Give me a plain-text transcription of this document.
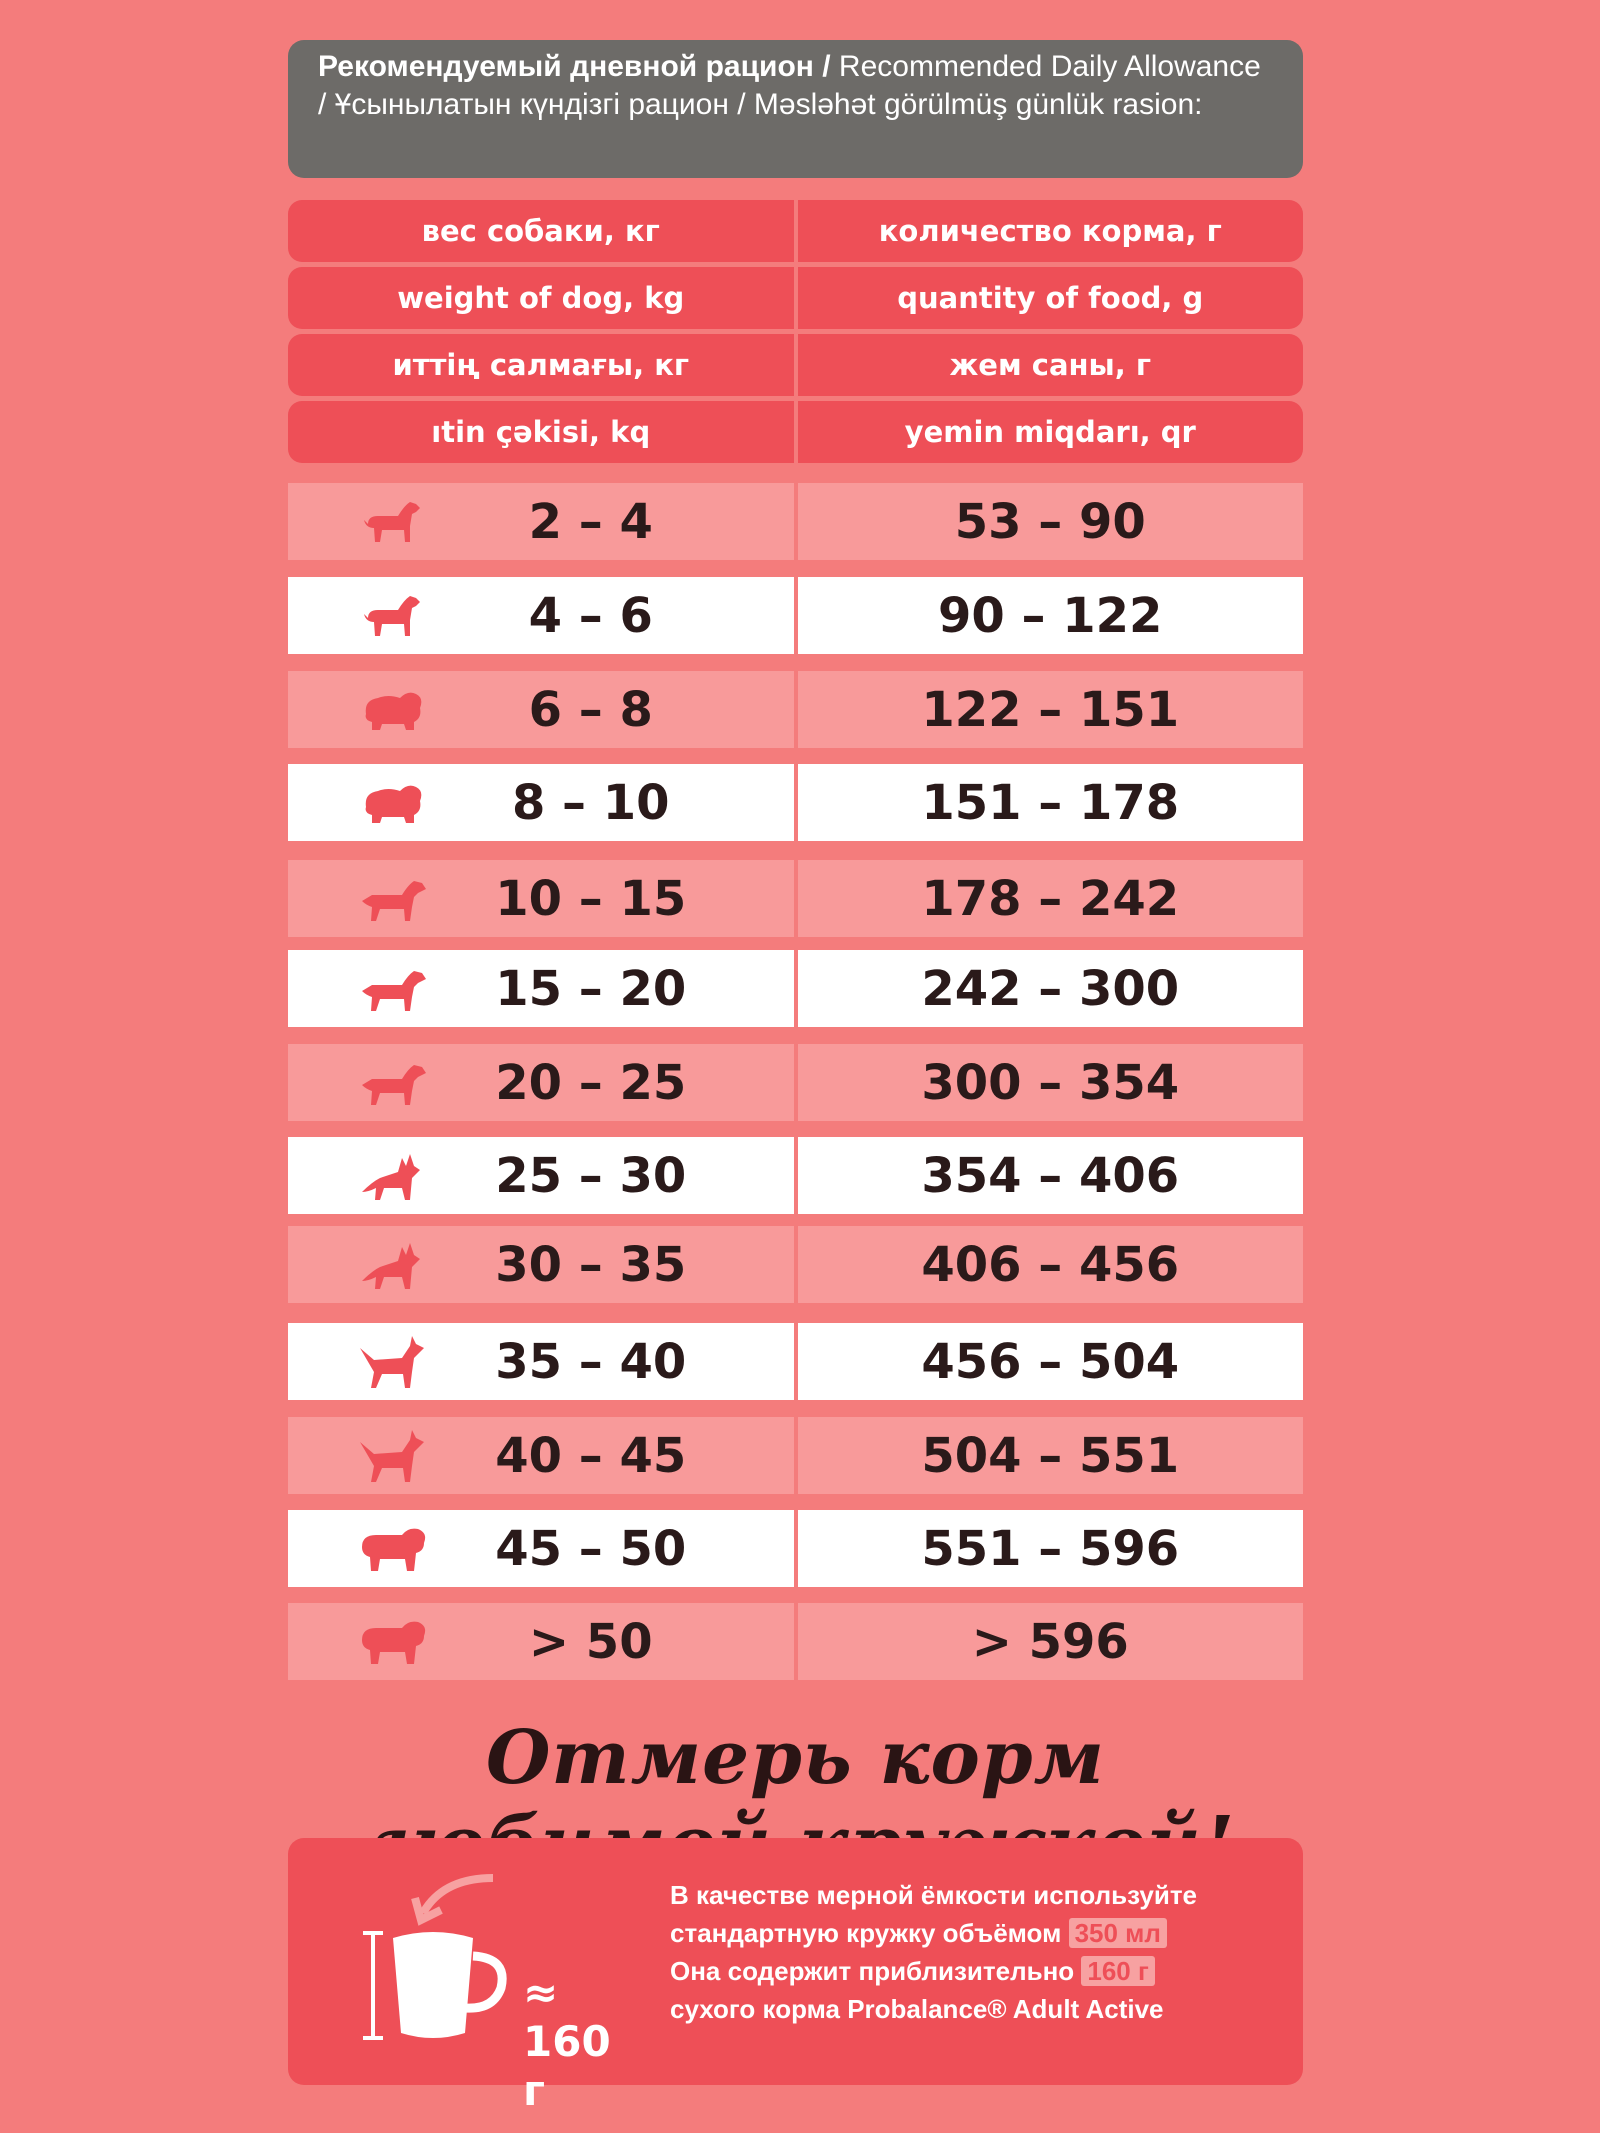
Рекомендуемый дневной рацион / Recommended Daily Allowance / Ұсынылатын күндізгі рацион / Məsləhət görülmüş günlük rasion:
вес собаки, кг	количество корма, г
weight of dog, kg	quantity of food, g
иттің салмағы, кг	жем саны, г
ıtin çəkisi, kq	yemin miqdarı, qr
2 – 4	53 – 90
4 – 6	90 – 122
6 – 8	122 – 151
8 – 10	151 – 178
10 – 15	178 – 242
15 – 20	242 – 300
20 – 25	300 – 354
25 – 30	354 – 406
30 – 35	406 – 456
35 – 40	456 – 504
40 – 45	504 – 551
45 – 50	551 – 596
> 50	> 596
Отмерь корм
≈ 160 г
В качестве мерной ёмкости используйте
стандартную кружку объёмом 350 мл
Она содержит приблизительно 160 г
сухого корма Probalance® Adult Active
